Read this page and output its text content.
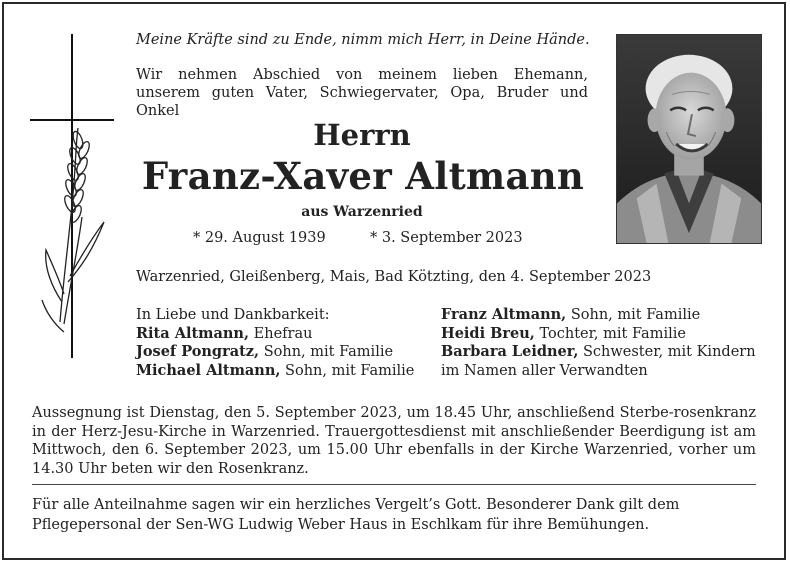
Meine Kräfte sind zu Ende, nimm mich Herr, in Deine Hände.
Wir nehmen Abschied von meinem lieben Ehemann, unserem guten Vater, Schwiegervater, Opa, Bruder und Onkel
Herrn
Franz-Xaver Altmann
aus Warzenried
* 29. August 1939	* 3. September 2023
Warzenried, Gleißenberg, Mais, Bad Kötzting, den 4. September 2023
In Liebe und Dankbarkeit:
Rita Altmann, Ehefrau
Josef Pongratz, Sohn, mit Familie
Michael Altmann, Sohn, mit Familie
Franz Altmann, Sohn, mit Familie
Heidi Breu, Tochter, mit Familie
Barbara Leidner, Schwester, mit Kindern
im Namen aller Verwandten
Aussegnung ist Dienstag, den 5. September 2023, um 18.45 Uhr, anschließend Sterbe-rosenkranz in der Herz-Jesu-Kirche in Warzenried. Trauergottesdienst mit anschließender Beerdigung ist am Mittwoch, den 6. September 2023, um 15.00 Uhr ebenfalls in der Kirche Warzenried, vorher um 14.30 Uhr beten wir den Rosenkranz.
Für alle Anteilnahme sagen wir ein herzliches Vergelt’s Gott. Besonderer Dank gilt dem Pflegepersonal der Sen-WG Ludwig Weber Haus in Eschlkam für ihre Bemühungen.
